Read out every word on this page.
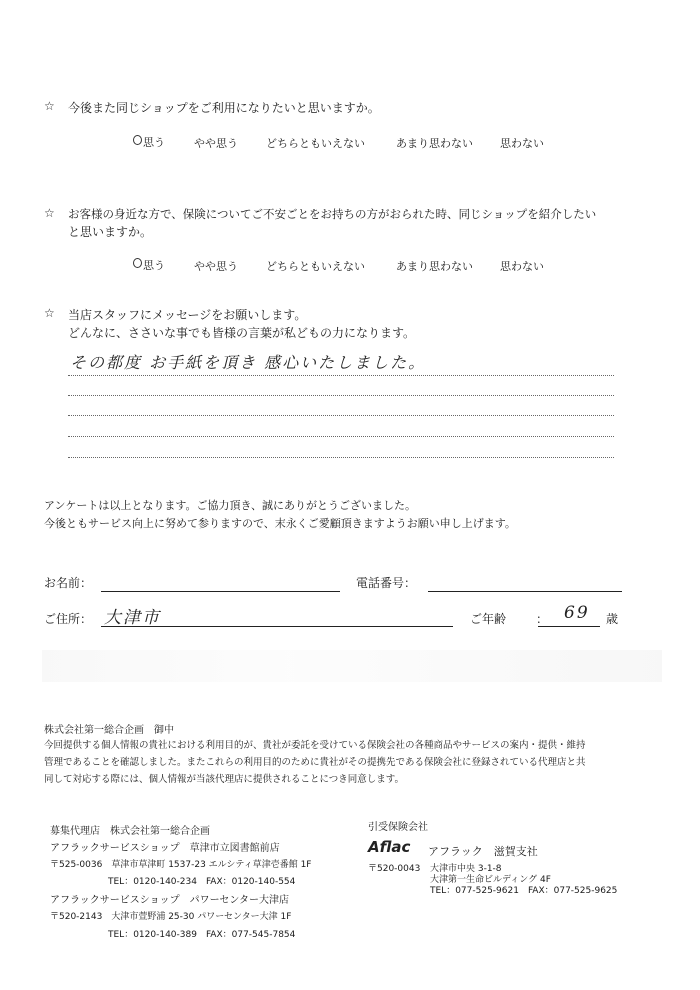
☆ 今後また同じショップをご利用になりたいと思いますか。
思う	やや思う	どちらともいえない	あまり思わない 思わない
☆ お客様の身近な方で、保険についてご不安ごとをお持ちの方がおられた時、同じショップを紹介したい
と思いますか。
思う	やや思う	どちらともいえない	あまり思わない 思わない
☆ 当店スタッフにメッセージをお願いします。
どんなに、ささいな事でも皆様の言葉が私どもの力になります。
その都度 お手紙を頂き 感心いたしました。
アンケートは以上となります。ご協力頂き、誠にありがとうございました。
今後ともサービス向上に努めて参りますので、末永くご愛顧頂きますようお願い申し上げます。
お名前：	電話番号：
ご住所： 大津市	ご年齢 ： 69 歳
株式会社第一総合企画　御中
今回提供する個人情報の貴社における利用目的が、貴社が委託を受けている保険会社の各種商品やサービスの案内・提供・維持
管理であることを確認しました。またこれらの利用目的のために貴社がその提携先である保険会社に登録されている代理店と共
同して対応する際には、個人情報が当該代理店に提供されることにつき同意します。
募集代理店　株式会社第一総合企画
アフラックサービスショップ　草津市立図書館前店
〒525-0036　草津市草津町 1537-23 エルシティ草津壱番館 1F
TEL：0120-140-234　FAX：0120-140-554
アフラックサービスショップ　パワーセンター大津店
〒520-2143　大津市萱野浦 25-30 パワーセンター大津 1F
TEL：0120-140-389　FAX：077-545-7854
引受保険会社
Aflac アフラック　滋賀支社
〒520-0043 大津市中央 3-1-8
大津第一生命ビルディング 4F
TEL：077-525-9621　FAX：077-525-9625
